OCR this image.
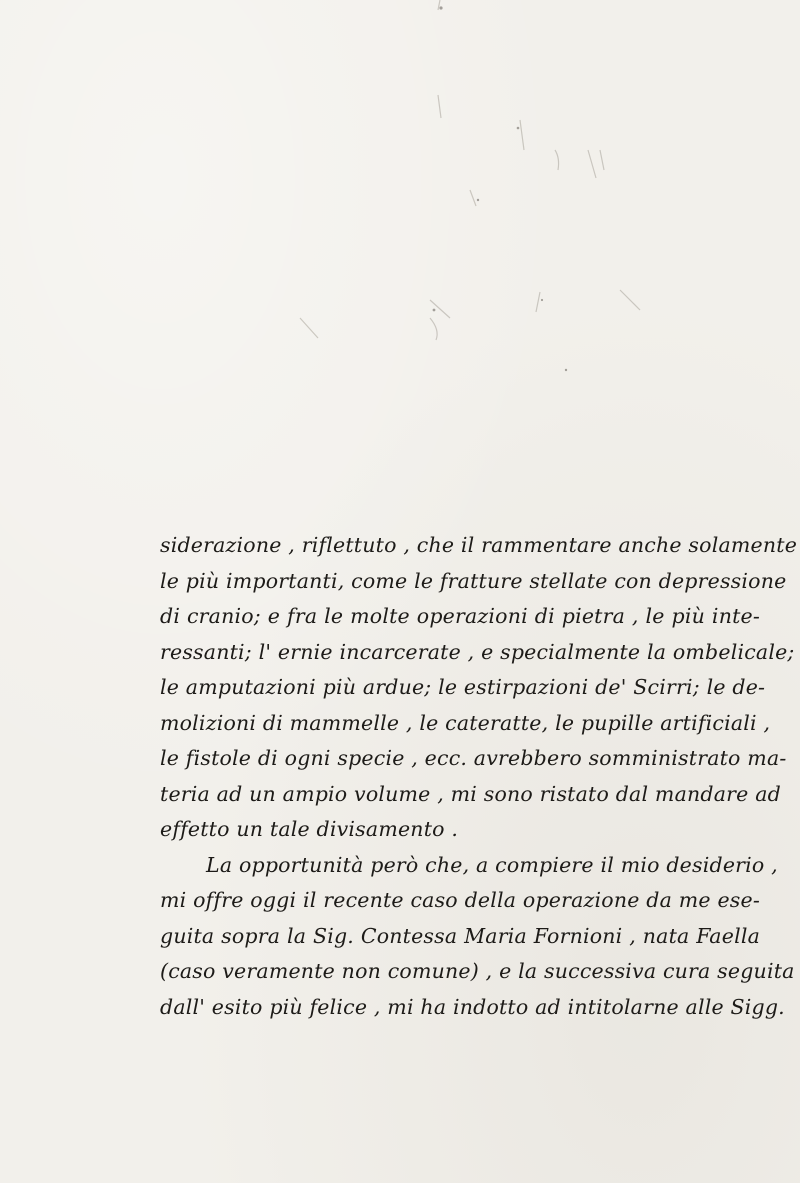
siderazione , riflettuto , che il rammentare anche solamente
le più importanti, come le fratture stellate con depressione
di cranio; e fra le molte operazioni di pietra , le più inte-
ressanti; l' ernie incarcerate , e specialmente la ombelicale;
le amputazioni più ardue; le estirpazioni de' Scirri; le de-
molizioni di mammelle , le cateratte, le pupille artificiali ,
le fistole di ogni specie , ecc. avrebbero somministrato ma-
teria ad un ampio volume , mi sono ristato dal mandare ad
effetto un tale divisamento .
La opportunità però che, a compiere il mio desiderio ,
mi offre oggi il recente caso della operazione da me ese-
guita sopra la Sig. Contessa Maria Fornioni , nata Faella
(caso veramente non comune) , e la successiva cura seguita
dall' esito più felice , mi ha indotto ad intitolarne alle Sigg.
